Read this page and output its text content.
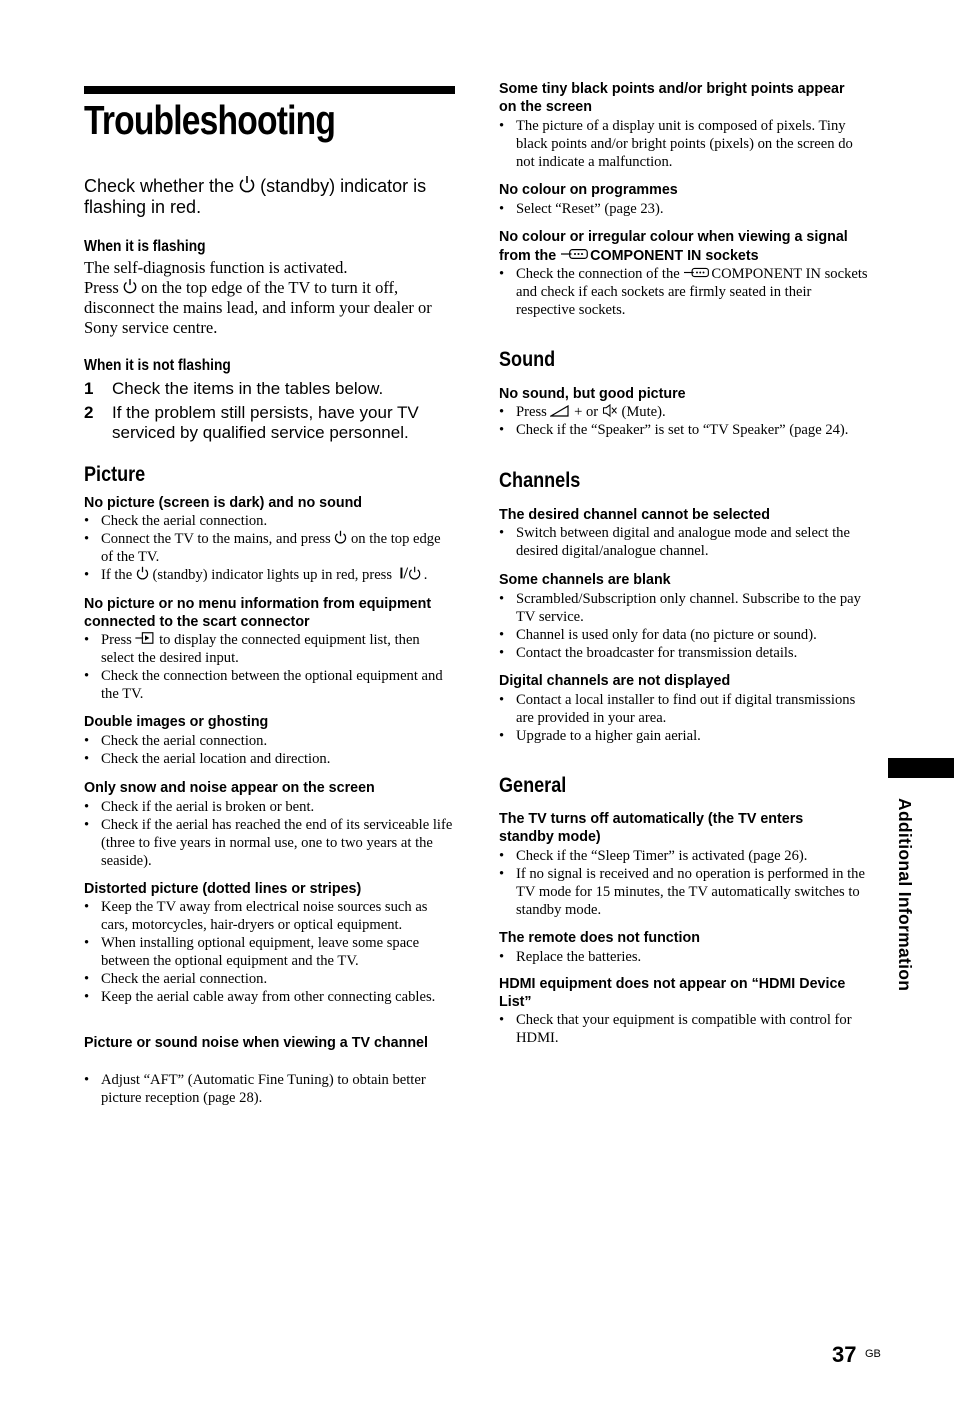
Troubleshooting
Check whether the  (standby) indicator is flashing in red.
When it is flashing
The self-diagnosis function is activated.
Press  on the top edge of the TV to turn it off, disconnect the mains lead, and inform your dealer or Sony service centre.
When it is not flashing
1	Check the items in the tables below.
2	If the problem still persists, have your TV serviced by qualified service personnel.
Picture
No picture (screen is dark) and no sound
• Check the aerial connection.
• Connect the TV to the mains, and press  on the top edge of the TV.
• If the  (standby) indicator lights up in red, press .
No picture or no menu information from equipment connected to the scart connector
• Press  to display the connected equipment list, then select the desired input.
• Check the connection between the optional equipment and the TV.
Double images or ghosting
• Check the aerial connection.
• Check the aerial location and direction.
Only snow and noise appear on the screen
• Check if the aerial is broken or bent.
• Check if the aerial has reached the end of its serviceable life (three to five years in normal use, one to two years at the seaside).
Distorted picture (dotted lines or stripes)
• Keep the TV away from electrical noise sources such as cars, motorcycles, hair-dryers or optical equipment.
• When installing optional equipment, leave some space between the optional equipment and the TV.
• Check the aerial connection.
• Keep the aerial cable away from other connecting cables.
Picture or sound noise when viewing a TV channel
• Adjust “AFT” (Automatic Fine Tuning) to obtain better picture reception (page 28).
Some tiny black points and/or bright points appear on the screen
• The picture of a display unit is composed of pixels. Tiny black points and/or bright points (pixels) on the screen do not indicate a malfunction.
No colour on programmes
• Select “Reset” (page 23).
No colour or irregular colour when viewing a signal from the COMPONENT IN sockets
• Check the connection of the COMPONENT IN sockets and check if each sockets are firmly seated in their respective sockets.
Sound
No sound, but good picture
• Press  + or  (Mute).
• Check if the “Speaker” is set to “TV Speaker” (page 24).
Channels
The desired channel cannot be selected
• Switch between digital and analogue mode and select the desired digital/analogue channel.
Some channels are blank
• Scrambled/Subscription only channel. Subscribe to the pay TV service.
• Channel is used only for data (no picture or sound).
• Contact the broadcaster for transmission details.
Digital channels are not displayed
• Contact a local installer to find out if digital transmissions are provided in your area.
• Upgrade to a higher gain aerial.
General
The TV turns off automatically (the TV enters standby mode)
• Check if the “Sleep Timer” is activated (page 26).
• If no signal is received and no operation is performed in the TV mode for 15 minutes, the TV automatically switches to standby mode.
The remote does not function
• Replace the batteries.
HDMI equipment does not appear on “HDMI Device List”
• Check that your equipment is compatible with control for HDMI.
Additional Information
37 GB
